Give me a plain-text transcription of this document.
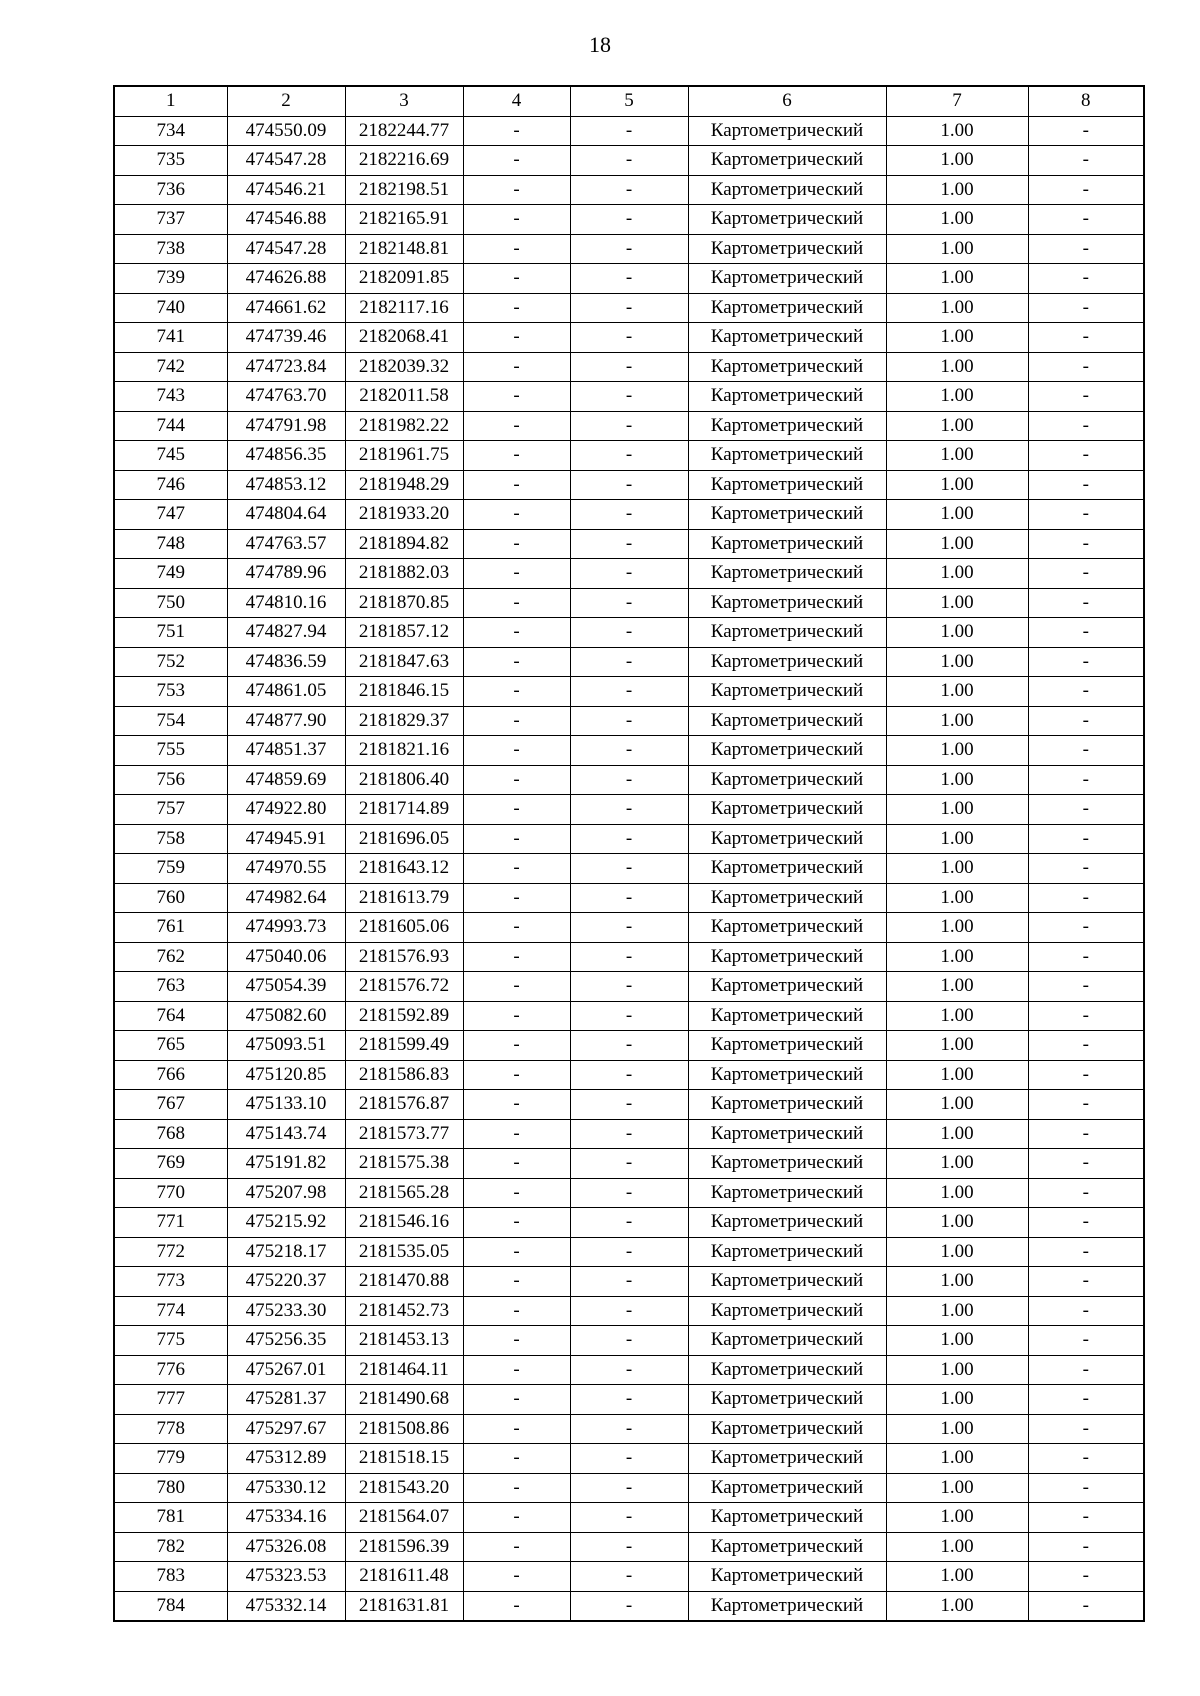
18
1	2	3	4	5	6	7	8
734	474550.09	2182244.77	-	-	Картометрический	1.00	-
735	474547.28	2182216.69	-	-	Картометрический	1.00	-
736	474546.21	2182198.51	-	-	Картометрический	1.00	-
737	474546.88	2182165.91	-	-	Картометрический	1.00	-
738	474547.28	2182148.81	-	-	Картометрический	1.00	-
739	474626.88	2182091.85	-	-	Картометрический	1.00	-
740	474661.62	2182117.16	-	-	Картометрический	1.00	-
741	474739.46	2182068.41	-	-	Картометрический	1.00	-
742	474723.84	2182039.32	-	-	Картометрический	1.00	-
743	474763.70	2182011.58	-	-	Картометрический	1.00	-
744	474791.98	2181982.22	-	-	Картометрический	1.00	-
745	474856.35	2181961.75	-	-	Картометрический	1.00	-
746	474853.12	2181948.29	-	-	Картометрический	1.00	-
747	474804.64	2181933.20	-	-	Картометрический	1.00	-
748	474763.57	2181894.82	-	-	Картометрический	1.00	-
749	474789.96	2181882.03	-	-	Картометрический	1.00	-
750	474810.16	2181870.85	-	-	Картометрический	1.00	-
751	474827.94	2181857.12	-	-	Картометрический	1.00	-
752	474836.59	2181847.63	-	-	Картометрический	1.00	-
753	474861.05	2181846.15	-	-	Картометрический	1.00	-
754	474877.90	2181829.37	-	-	Картометрический	1.00	-
755	474851.37	2181821.16	-	-	Картометрический	1.00	-
756	474859.69	2181806.40	-	-	Картометрический	1.00	-
757	474922.80	2181714.89	-	-	Картометрический	1.00	-
758	474945.91	2181696.05	-	-	Картометрический	1.00	-
759	474970.55	2181643.12	-	-	Картометрический	1.00	-
760	474982.64	2181613.79	-	-	Картометрический	1.00	-
761	474993.73	2181605.06	-	-	Картометрический	1.00	-
762	475040.06	2181576.93	-	-	Картометрический	1.00	-
763	475054.39	2181576.72	-	-	Картометрический	1.00	-
764	475082.60	2181592.89	-	-	Картометрический	1.00	-
765	475093.51	2181599.49	-	-	Картометрический	1.00	-
766	475120.85	2181586.83	-	-	Картометрический	1.00	-
767	475133.10	2181576.87	-	-	Картометрический	1.00	-
768	475143.74	2181573.77	-	-	Картометрический	1.00	-
769	475191.82	2181575.38	-	-	Картометрический	1.00	-
770	475207.98	2181565.28	-	-	Картометрический	1.00	-
771	475215.92	2181546.16	-	-	Картометрический	1.00	-
772	475218.17	2181535.05	-	-	Картометрический	1.00	-
773	475220.37	2181470.88	-	-	Картометрический	1.00	-
774	475233.30	2181452.73	-	-	Картометрический	1.00	-
775	475256.35	2181453.13	-	-	Картометрический	1.00	-
776	475267.01	2181464.11	-	-	Картометрический	1.00	-
777	475281.37	2181490.68	-	-	Картометрический	1.00	-
778	475297.67	2181508.86	-	-	Картометрический	1.00	-
779	475312.89	2181518.15	-	-	Картометрический	1.00	-
780	475330.12	2181543.20	-	-	Картометрический	1.00	-
781	475334.16	2181564.07	-	-	Картометрический	1.00	-
782	475326.08	2181596.39	-	-	Картометрический	1.00	-
783	475323.53	2181611.48	-	-	Картометрический	1.00	-
784	475332.14	2181631.81	-	-	Картометрический	1.00	-
